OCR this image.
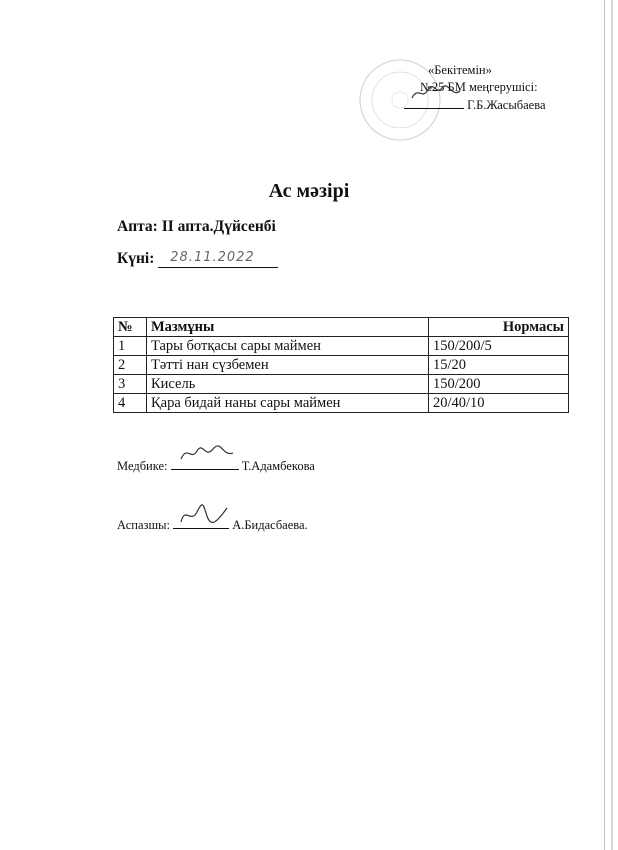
«Бекітемін»
№25 БМ меңгерушісі:
Г.Б.Жасыбаева
Ас мәзірі
Апта: ІІ апта.Дүйсенбі
Күні: 28.11.2022
№	Мазмұны	Нормасы
1	Тары ботқасы сары маймен	150/200/5
2	Тәтті нан сүзбемен	15/20
3	Кисель	150/200
4	Қара бидай наны сары маймен	20/40/10
Медбике:	Т.Адамбекова
Аспазшы:	А.Бидасбаева.
